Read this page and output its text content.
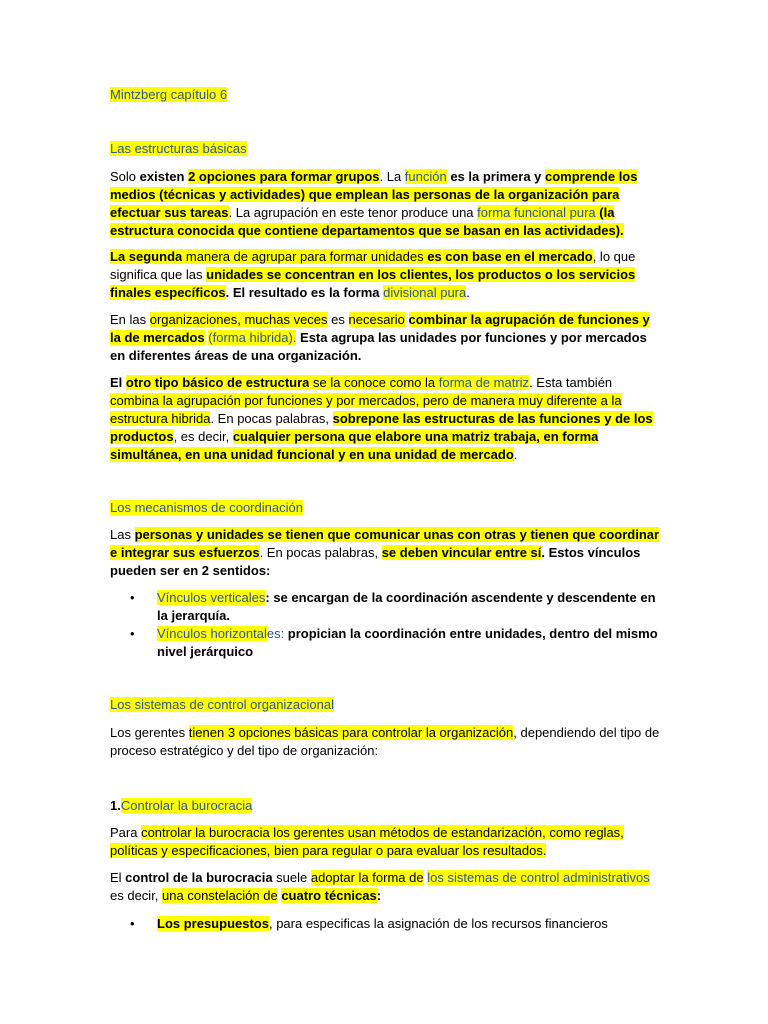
Mintzberg capítulo 6
Las estructuras básicas

Solo existen 2 opciones para formar grupos. La función es la primera y comprende los medios (técnicas y actividades) que emplean las personas de la organización para efectuar sus tareas. La agrupación en este tenor produce una forma funcional pura (la estructura conocida que contiene departamentos que se basan en las actividades).

La segunda manera de agrupar para formar unidades es con base en el mercado, lo que significa que las unidades se concentran en los clientes, los productos o los servicios finales específicos. El resultado es la forma divisional pura.

En las organizaciones, muchas veces es necesario combinar la agrupación de funciones y la de mercados (forma hibrida). Esta agrupa las unidades por funciones y por mercados en diferentes áreas de una organización.

El otro tipo básico de estructura se la conoce como la forma de matriz. Esta también combina la agrupación por funciones y por mercados, pero de manera muy diferente a la estructura hibrida. En pocas palabras, sobrepone las estructuras de las funciones y de los productos, es decir, cualquier persona que elabore una matriz trabaja, en forma simultánea, en una unidad funcional y en una unidad de mercado.

Los mecanismos de coordinación

Las personas y unidades se tienen que comunicar unas con otras y tienen que coordinar e integrar sus esfuerzos. En pocas palabras, se deben vincular entre sí. Estos vínculos pueden ser en 2 sentidos:

• Vínculos verticales: se encargan de la coordinación ascendente y descendente en la jerarquía.
• Vínculos horizontales: propician la coordinación entre unidades, dentro del mismo nivel jerárquico
Los sistemas de control organizacional

Los gerentes tienen 3 opciones básicas para controlar la organización, dependiendo del tipo de proceso estratégico y del tipo de organización:

1.Controlar la burocracia

Para controlar la burocracia los gerentes usan métodos de estandarización, como reglas, políticas y especificaciones, bien para regular o para evaluar los resultados.

El control de la burocracia suele adoptar la forma de los sistemas de control administrativos es decir, una constelación de cuatro técnicas:

• Los presupuestos, para especificas la asignación de los recursos financieros
